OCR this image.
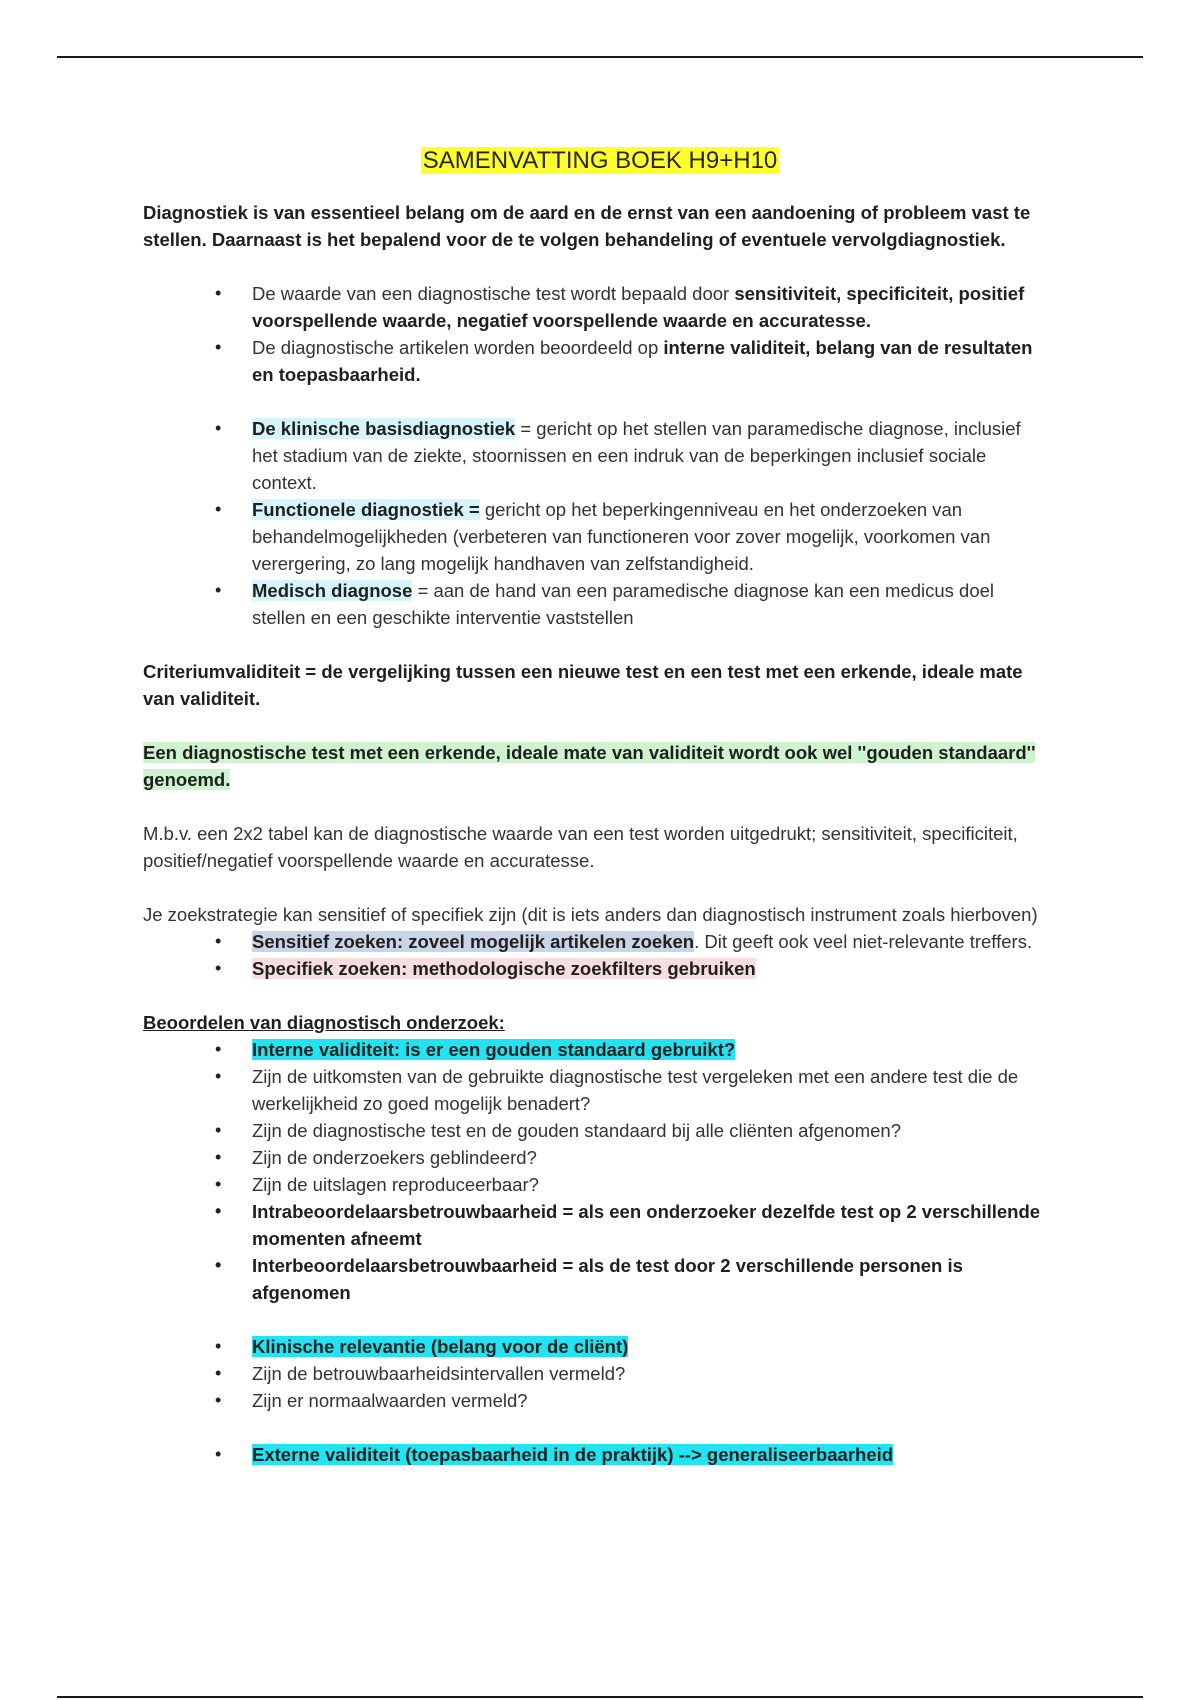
SAMENVATTING BOEK H9+H10

Diagnostiek is van essentieel belang om de aard en de ernst van een aandoening of probleem vast te stellen. Daarnaast is het bepalend voor de te volgen behandeling of eventuele vervolgdiagnostiek.

• De waarde van een diagnostische test wordt bepaald door sensitiviteit, specificiteit, positief voorspellende waarde, negatief voorspellende waarde en accuratesse.
• De diagnostische artikelen worden beoordeeld op interne validiteit, belang van de resultaten en toepasbaarheid.
• De klinische basisdiagnostiek = gericht op het stellen van paramedische diagnose, inclusief het stadium van de ziekte, stoornissen en een indruk van de beperkingen inclusief sociale context.
• Functionele diagnostiek = gericht op het beperkingenniveau en het onderzoeken van behandelmogelijkheden (verbeteren van functioneren voor zover mogelijk, voorkomen van verergering, zo lang mogelijk handhaven van zelfstandigheid.
• Medisch diagnose = aan de hand van een paramedische diagnose kan een medicus doel stellen en een geschikte interventie vaststellen

Criteriumvaliditeit = de vergelijking tussen een nieuwe test en een test met een erkende, ideale mate van validiteit.

Een diagnostische test met een erkende, ideale mate van validiteit wordt ook wel ''gouden standaard'' genoemd.

M.b.v. een 2x2 tabel kan de diagnostische waarde van een test worden uitgedrukt; sensitiviteit, specificiteit, positief/negatief voorspellende waarde en accuratesse.

Je zoekstrategie kan sensitief of specifiek zijn (dit is iets anders dan diagnostisch instrument zoals hierboven)

• Sensitief zoeken: zoveel mogelijk artikelen zoeken. Dit geeft ook veel niet-relevante treffers.
• Specifiek zoeken: methodologische zoekfilters gebruiken

Beoordelen van diagnostisch onderzoek:

• Interne validiteit: is er een gouden standaard gebruikt?
• Zijn de uitkomsten van de gebruikte diagnostische test vergeleken met een andere test die de werkelijkheid zo goed mogelijk benadert?
• Zijn de diagnostische test en de gouden standaard bij alle cliënten afgenomen?
• Zijn de onderzoekers geblindeerd?
• Zijn de uitslagen reproduceerbaar?
• Intrabeoordelaarsbetrouwbaarheid = als een onderzoeker dezelfde test op 2 verschillende momenten afneemt
• Interbeoordelaarsbetrouwbaarheid = als de test door 2 verschillende personen is afgenomen
• Klinische relevantie (belang voor de cliënt)
• Zijn de betrouwbaarheidsintervallen vermeld?
• Zijn er normaalwaarden vermeld?
• Externe validiteit (toepasbaarheid in de praktijk) --> generaliseerbaarheid
